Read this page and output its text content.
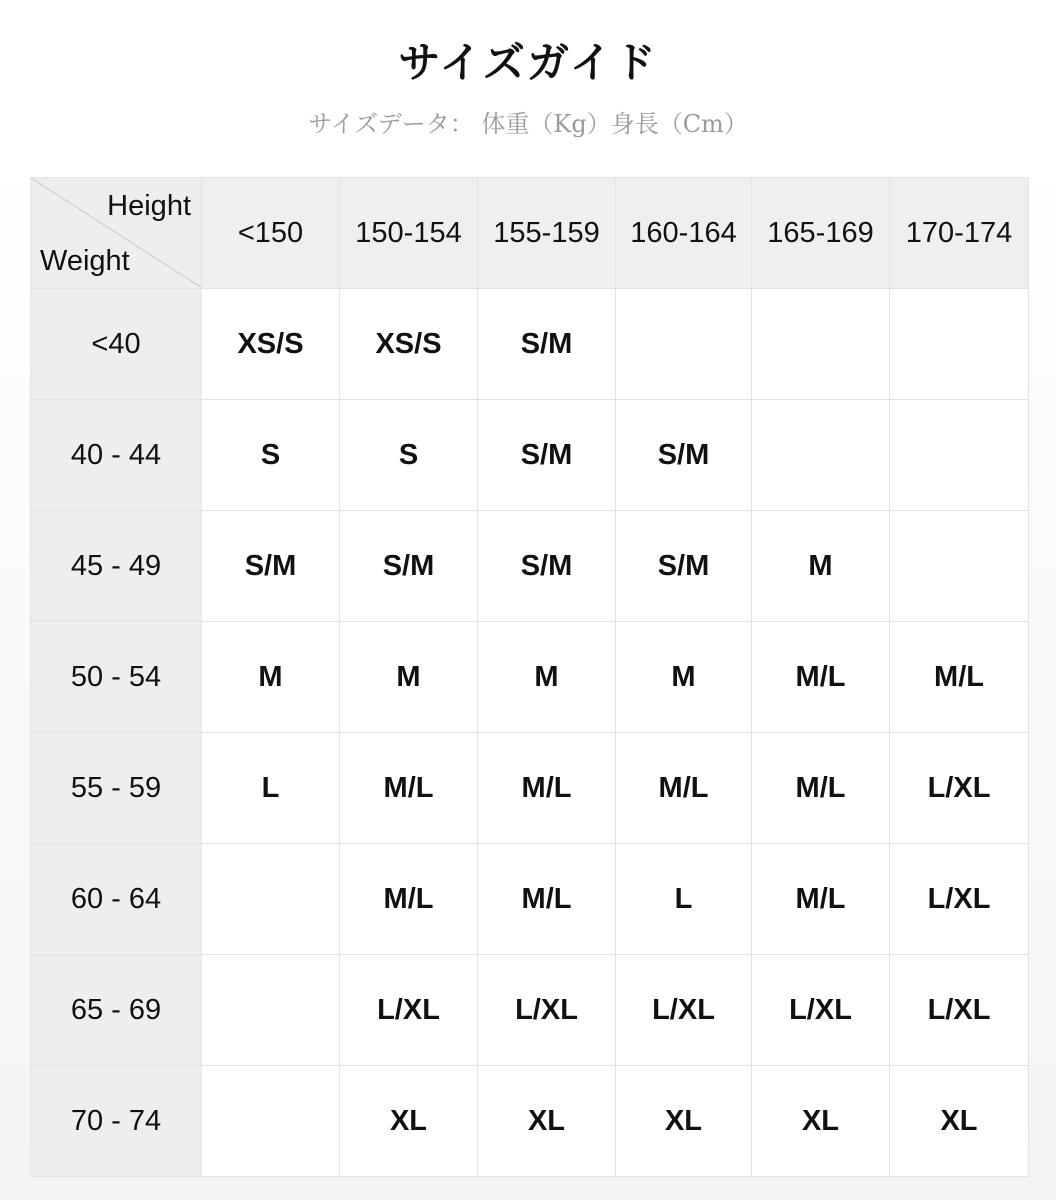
サイズガイド
サイズデータ： 体重（Kg）身長（Cm）
Height
Weight	<150	150-154	155-159	160-164	165-169	170-174
<40	XS/S	XS/S	S/M			
40 - 44	S	S	S/M	S/M		
45 - 49	S/M	S/M	S/M	S/M	M	
50 - 54	M	M	M	M	M/L	M/L
55 - 59	L	M/L	M/L	M/L	M/L	L/XL
60 - 64		M/L	M/L	L	M/L	L/XL
65 - 69		L/XL	L/XL	L/XL	L/XL	L/XL
70 - 74		XL	XL	XL	XL	XL
